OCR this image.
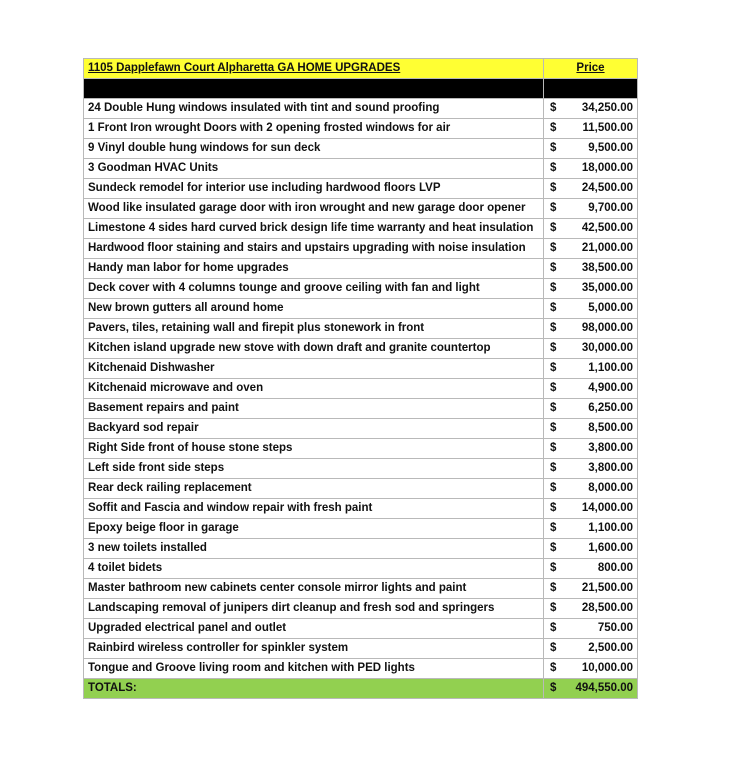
1105 Dapplefawn Court Alpharetta GA HOME UPGRADES	Price

24 Double Hung windows insulated with tint and sound proofing	$ 34,250.00
1 Front Iron wrought Doors with 2 opening frosted windows for air	$ 11,500.00
9 Vinyl double hung windows for sun deck	$ 9,500.00
3 Goodman HVAC Units	$ 18,000.00
Sundeck remodel for interior use including hardwood floors LVP	$ 24,500.00
Wood like insulated garage door with iron wrought and new garage door opener	$ 9,700.00
Limestone 4 sides hard curved brick design life time warranty and heat insulation	$ 42,500.00
Hardwood floor staining and stairs and upstairs upgrading with noise insulation	$ 21,000.00
Handy man labor for home upgrades	$ 38,500.00
Deck cover with 4 columns tounge and groove ceiling with fan and light	$ 35,000.00
New brown gutters all around home	$ 5,000.00
Pavers, tiles, retaining wall and firepit plus stonework in front	$ 98,000.00
Kitchen island upgrade new stove with down draft and granite countertop	$ 30,000.00
Kitchenaid Dishwasher	$ 1,100.00
Kitchenaid microwave and oven	$ 4,900.00
Basement repairs and paint	$ 6,250.00
Backyard sod repair	$ 8,500.00
Right Side front of house stone steps	$ 3,800.00
Left side front side steps	$ 3,800.00
Rear deck railing replacement	$ 8,000.00
Soffit and Fascia and window repair with fresh paint	$ 14,000.00
Epoxy beige floor in garage	$ 1,100.00
3 new toilets installed	$ 1,600.00
4 toilet bidets	$ 800.00
Master bathroom new cabinets center console mirror lights and paint	$ 21,500.00
Landscaping removal of junipers dirt cleanup and fresh sod and springers	$ 28,500.00
Upgraded electrical panel and outlet	$ 750.00
Rainbird wireless controller for spinkler system	$ 2,500.00
Tongue and Groove living room and kitchen with PED lights	$ 10,000.00
TOTALS:	$ 494,550.00
